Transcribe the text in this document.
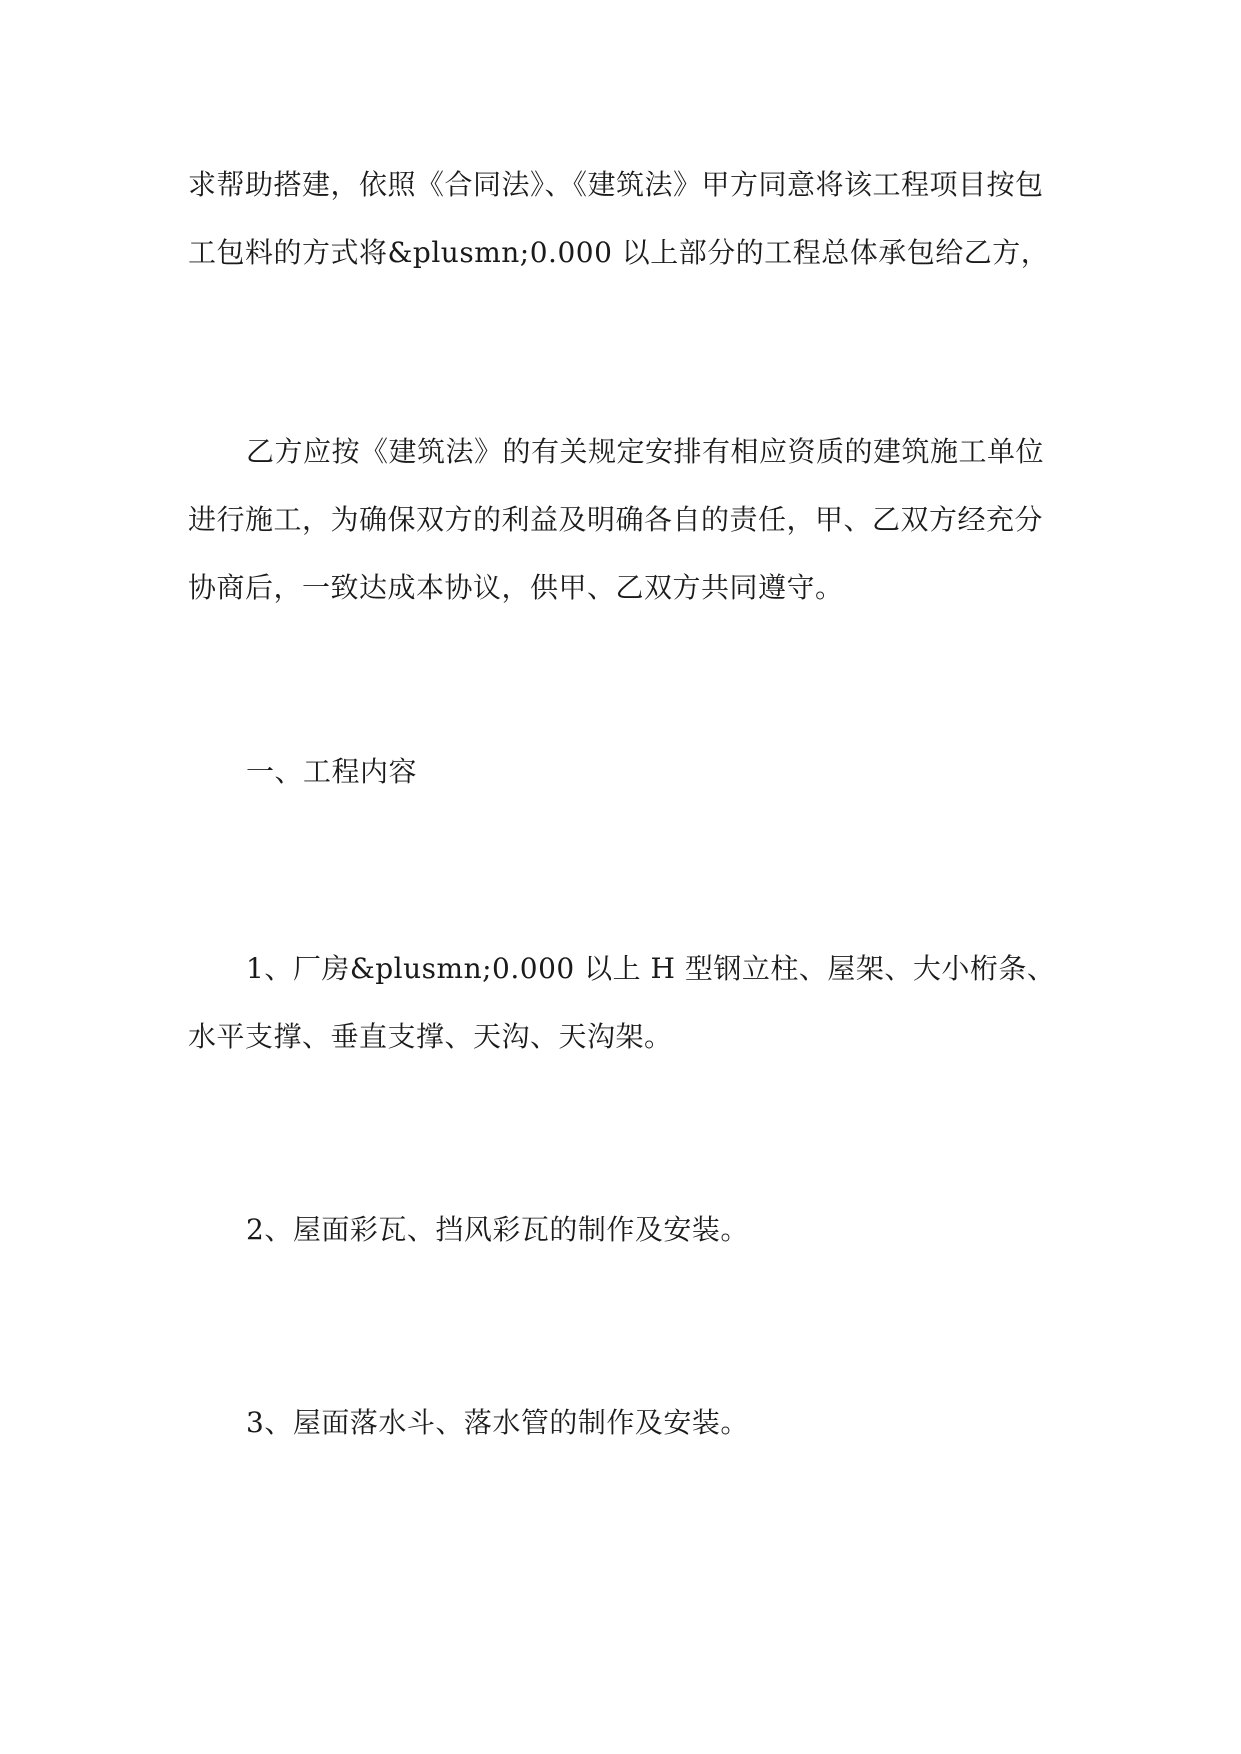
求帮助搭建，依照《合同法》、《建筑法》甲方同意将该工程项目按包工包料的方式将&plusmn;0.000 以上部分的工程总体承包给乙方，

乙方应按《建筑法》的有关规定安排有相应资质的建筑施工单位进行施工，为确保双方的利益及明确各自的责任，甲、乙双方经充分协商后，一致达成本协议，供甲、乙双方共同遵守。

一、工程内容

1、厂房&plusmn;0.000 以上 H 型钢立柱、屋架、大小桁条、水平支撑、垂直支撑、天沟、天沟架。

2、屋面彩瓦、挡风彩瓦的制作及安装。

3、屋面落水斗、落水管的制作及安装。
